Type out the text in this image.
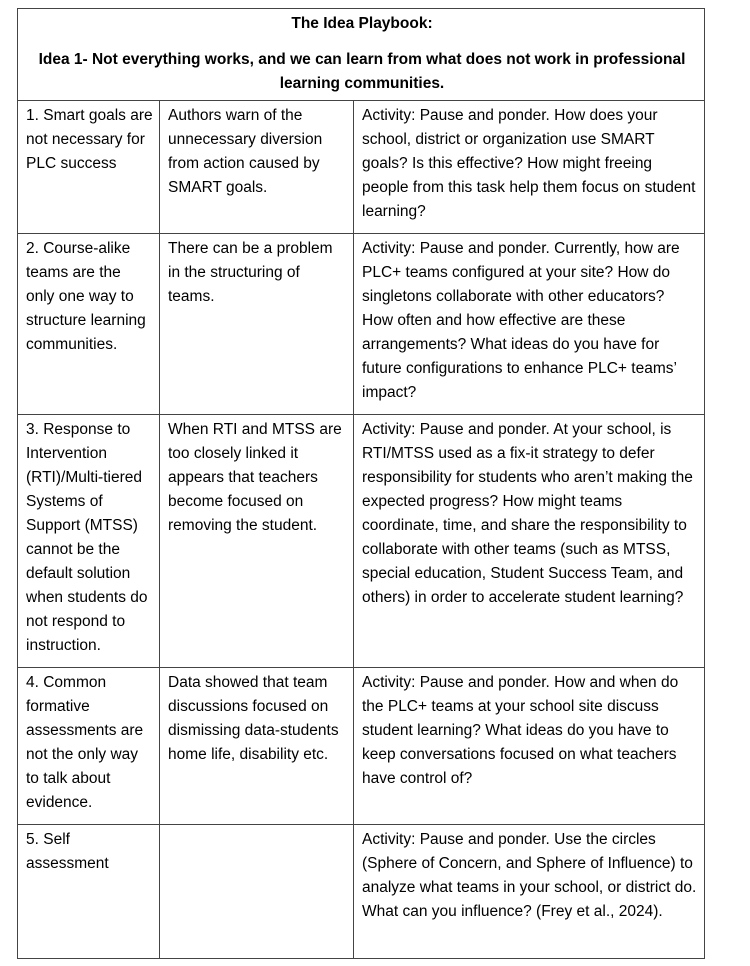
The Idea Playbook:
Idea 1- Not everything works, and we can learn from what does not work in professional learning communities.		

1. Smart goals are not necessary for PLC success	Authors warn of the unnecessary diversion from action caused by SMART goals.	Activity: Pause and ponder. How does your school, district or organization use SMART goals? Is this effective? How might freeing people from this task help them focus on student learning?
2. Course-alike teams are the only one way to structure learning communities.	There can be a problem in the structuring of teams.	Activity: Pause and ponder. Currently, how are PLC+ teams configured at your site? How do singletons collaborate with other educators? How often and how effective are these arrangements? What ideas do you have for future configurations to enhance PLC+ teams’ impact?
3. Response to Intervention (RTI)/Multi-tiered Systems of Support (MTSS) cannot be the default solution when students do not respond to instruction.	When RTI and MTSS are too closely linked it appears that teachers become focused on removing the student.	Activity: Pause and ponder. At your school, is RTI/MTSS used as a fix-it strategy to defer responsibility for students who aren’t making the expected progress? How might teams coordinate, time, and share the responsibility to collaborate with other teams (such as MTSS, special education, Student Success Team, and others) in order to accelerate student learning?
4. Common formative assessments are not the only way to talk about evidence.	Data showed that team discussions focused on dismissing data-students home life, disability etc.	Activity: Pause and ponder. How and when do the PLC+ teams at your school site discuss student learning? What ideas do you have to keep conversations focused on what teachers have control of?
5. Self assessment		Activity: Pause and ponder. Use the circles (Sphere of Concern, and Sphere of Influence) to analyze what teams in your school, or district do. What can you influence? (Frey et al., 2024).
